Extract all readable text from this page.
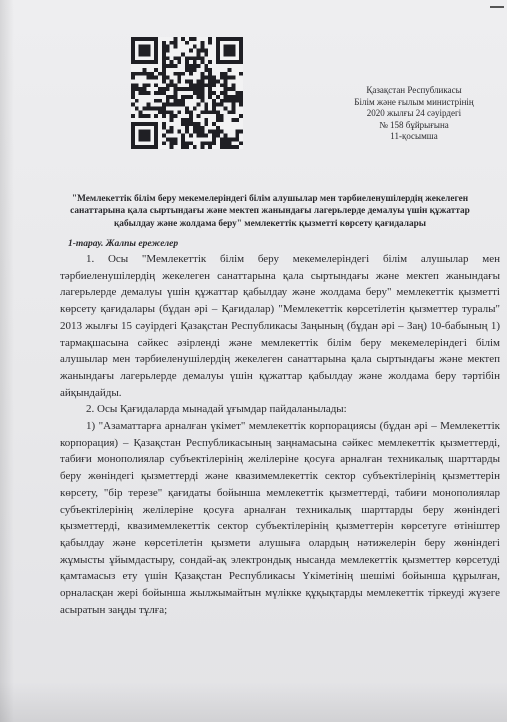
Қазақстан Республикасы
Білім және ғылым министрінің
2020 жылғы 24 сәуірдегі
№ 158 бұйрығына
11-қосымша
"Мемлекеттік білім беру мекемелеріндегі білім алушылар мен тәрбиеленушілердің жекелеген санаттарына қала сыртындағы және мектеп жанындағы лагерьлерде демалуы үшін құжаттар қабылдау және жолдама беру" мемлекеттік қызметті көрсету қағидалары
1-тарау. Жалпы ережелер

1. Осы "Мемлекеттік білім беру мекемелеріндегі білім алушылар мен тәрбиеленушілердің жекелеген санаттарына қала сыртындағы және мектеп жанындағы лагерьлерде демалуы үшін құжаттар қабылдау және жолдама беру" мемлекеттік қызметті көрсету қағидалары (бұдан әрі – Қағидалар) "Мемлекеттік көрсетілетін қызметтер туралы" 2013 жылғы 15 сәуірдегі Қазақстан Республикасы Заңының (бұдан әрі – Заң) 10-бабының 1) тармақшасына сәйкес әзірленді және мемлекеттік білім беру мекемелеріндегі білім алушылар мен тәрбиеленушілердің жекелеген санаттарына қала сыртындағы және мектеп жанындағы лагерьлерде демалуы үшін құжаттар қабылдау және жолдама беру тәртібін айқындайды.

2. Осы Қағидаларда мынадай ұғымдар пайдаланылады:

1) "Азаматтарға арналған үкімет" мемлекеттік корпорациясы (бұдан әрі – Мемлекеттік корпорация) – Қазақстан Республикасының заңнамасына сәйкес мемлекеттік қызметтерді, табиғи монополиялар субъектілерінің желілеріне қосуға арналған техникалық шарттарды беру жөніндегі қызметтерді және квазимемлекеттік сектор субъектілерінің қызметтерін көрсету, "бір терезе" қағидаты бойынша мемлекеттік қызметтерді, табиғи монополиялар субъектілерінің желілеріне қосуға арналған техникалық шарттарды беру жөніндегі қызметтерді, квазимемлекеттік сектор субъектілерінің қызметтерін көрсетуге өтініштер қабылдау және көрсетілетін қызмети алушыға олардың нәтижелерін беру жөніндегі жұмысты ұйымдастыру, сондай-ақ электрондық нысанда мемлекеттік қызметтер көрсетуді қамтамасыз ету үшін Қазақстан Республикасы Үкіметінің шешімі бойынша құрылған, орналасқан жері бойынша жылжымайтын мүлікке құқықтарды мемлекеттік тіркеуді жүзеге асыратын заңды тұлға;
